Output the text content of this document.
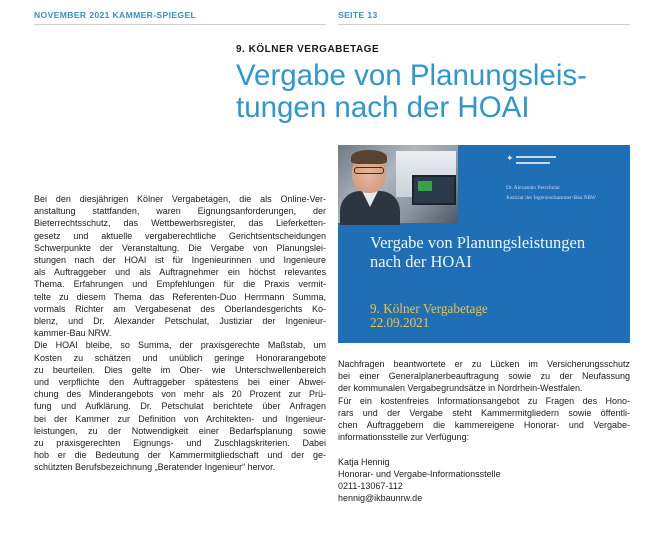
NOVEMBER 2021 KAMMER-SPIEGEL	SEITE 13
9. KÖLNER VERGABETAGE
Vergabe von Planungsleis-
tungen nach der HOAI
✦
Dr. Alexander Petschulat
Justiziar der Ingenieurkammer-Bau NRW
Vergabe von Planungsleistungen
nach der HOAI
9. Kölner Vergabetage
22.09.2021
Bei den diesjährigen Kölner Vergabetagen, die als Online-Ver-
anstaltung stattfanden, waren Eignungsanforderungen, der
Bieterrechtsschutz, das Wettbewerbsregister, das Lieferketten-
gesetz und aktuelle vergaberechtliche Gerichtsentscheidungen
Schwerpunkte der Veranstaltung. Die Vergabe von Planungslei-
stungen nach der HOAI ist für Ingenieurinnen und Ingenieure
als Auftraggeber und als Auftragnehmer ein höchst relevantes
Thema. Erfahrungen und Empfehlungen für die Praxis vermit-
telte zu diesem Thema das Referenten-Duo Herrmann Summa,
vormals Richter am Vergabesenat des Oberlandesgerichts Ko-
blenz, und Dr. Alexander Petschulat, Justiziar der Ingenieur-
kammer-Bau NRW.
Die HOAI bleibe, so Summa, der praxisgerechte Maßstab, um
Kosten zu schätzen und unüblich geringe Honorarangebote
zu beurteilen. Dies gelte im Ober- wie Unterschwellenbereich
und verpflichte den Auftraggeber spätestens bei einer Abwei-
chung des Minderangebots von mehr als 20 Prozent zur Prü-
fung und Aufklärung. Dr. Petschulat berichtete über Anfragen
bei der Kammer zur Definition von Architekten- und Ingenieur-
leistungen, zu der Notwendigkeit einer Bedarfsplanung sowie
zu praxisgerechten Eignungs- und Zuschlagskriterien. Dabei
hob er die Bedeutung der Kammermitgliedschaft und der ge-
schützten Berufsbezeichnung „Beratender Ingenieur“ hervor.
Nachfragen beantwortete er zu Lücken im Versicherungsschutz
bei einer Generalplanerbeauftragung sowie zu der Neufassung
der kommunalen Vergabegrundsätze in Nordrhein-Westfalen.
Für ein kostenfreies Informationsangebot zu Fragen des Hono-
rars und der Vergabe steht Kammermitgliedern sowie öffentli-
chen Auftraggebern die kammereigene Honorar- und Vergabe-
informationsstelle zur Verfügung:
Katja Hennig
Honorar- und Vergabe-Informationsstelle
0211-13067-112
hennig@ikbaunrw.de
